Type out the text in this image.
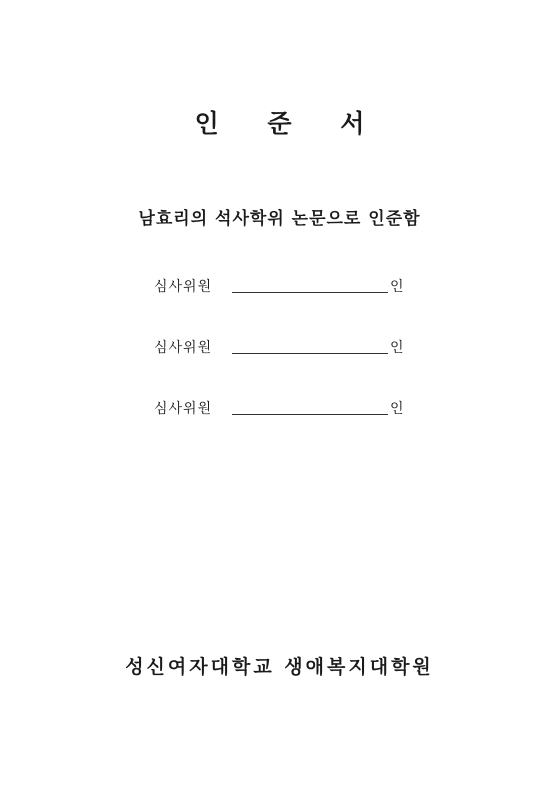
인 준 서
남효리의 석사학위 논문으로 인준함
심사위원	인
심사위원	인
심사위원	인
성신여자대학교 생애복지대학원
